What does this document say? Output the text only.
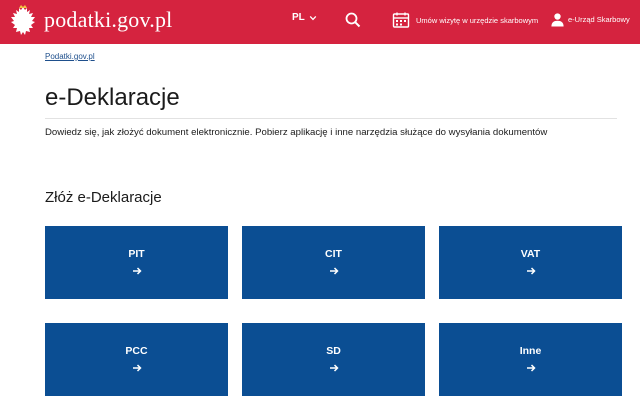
podatki.gov.pl	PL	Umów wizytę w urzędzie skarbowym	e-Urząd Skarbowy
Podatki.gov.pl
e-Deklaracje

Dowiedz się, jak złożyć dokument elektronicznie. Pobierz aplikację i inne narzędzia służące do wysyłania dokumentów

Złóż e-Deklaracje
PIT	CIT	VAT
PCC	SD	Inne
